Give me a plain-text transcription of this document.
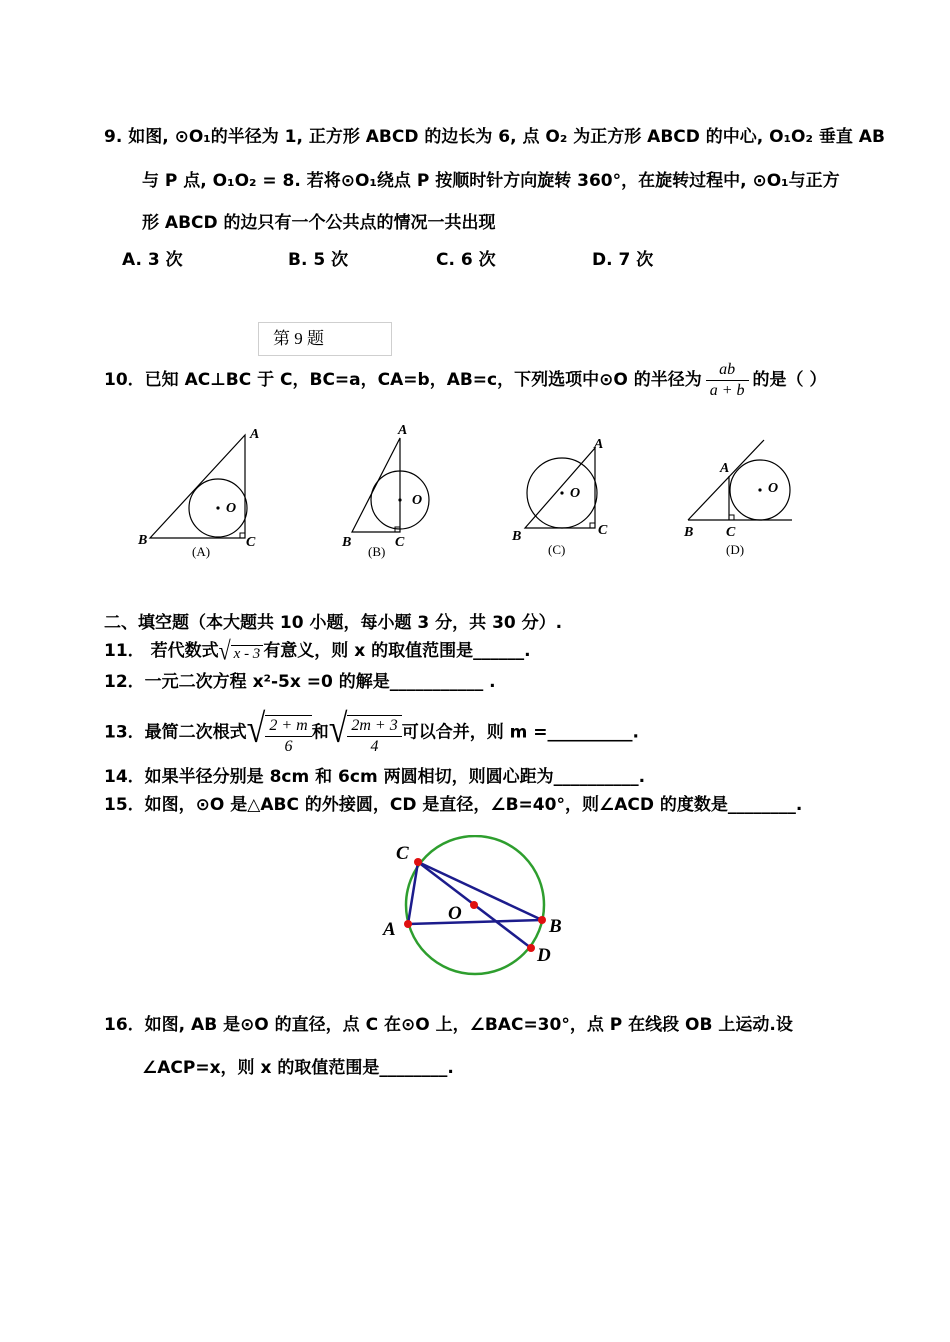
9. 如图, ⊙O₁的半径为 1, 正方形 ABCD 的边长为 6, 点 O₂ 为正方形 ABCD 的中心, O₁O₂ 垂直 AB
与 P 点, O₁O₂ = 8. 若将⊙O₁绕点 P 按顺时针方向旋转 360°，在旋转过程中, ⊙O₁与正方
形 ABCD 的边只有一个公共点的情况一共出现
A. 3 次	B. 5 次	C. 6 次	D. 7 次
第 9 题
10．已知 AC⊥BC 于 C，BC=a，CA=b，AB=c，下列选项中⊙O 的半径为 $\frac{ab}{a + b}$ 的是（ ）
A
B	C
O
(A)
A
B	C
O
(B)
A
B	C
O
(C)
A
B C
O
(D)
二、填空题（本大题共 10 小题，每小题 3 分，共 30 分）.
11． 若代数式√ x - 3 有意义，则 x 的取值范围是______.
12．一元二次方程 x²-5x =0 的解是___________ .
13．最简二次根式√ $\frac{2 + m}{6}$ 和√ $\frac{2m + 3}{4}$ 可以合并，则 m =__________.
14．如果半径分别是 8cm 和 6cm 两圆相切，则圆心距为__________.
15．如图，⊙O 是△ABC 的外接圆，CD 是直径，∠B=40°，则∠ACD 的度数是________.
C
O
A	B
D
16．如图, AB 是⊙O 的直径，点 C 在⊙O 上，∠BAC=30°，点 P 在线段 OB 上运动.设
∠ACP=x，则 x 的取值范围是________.
